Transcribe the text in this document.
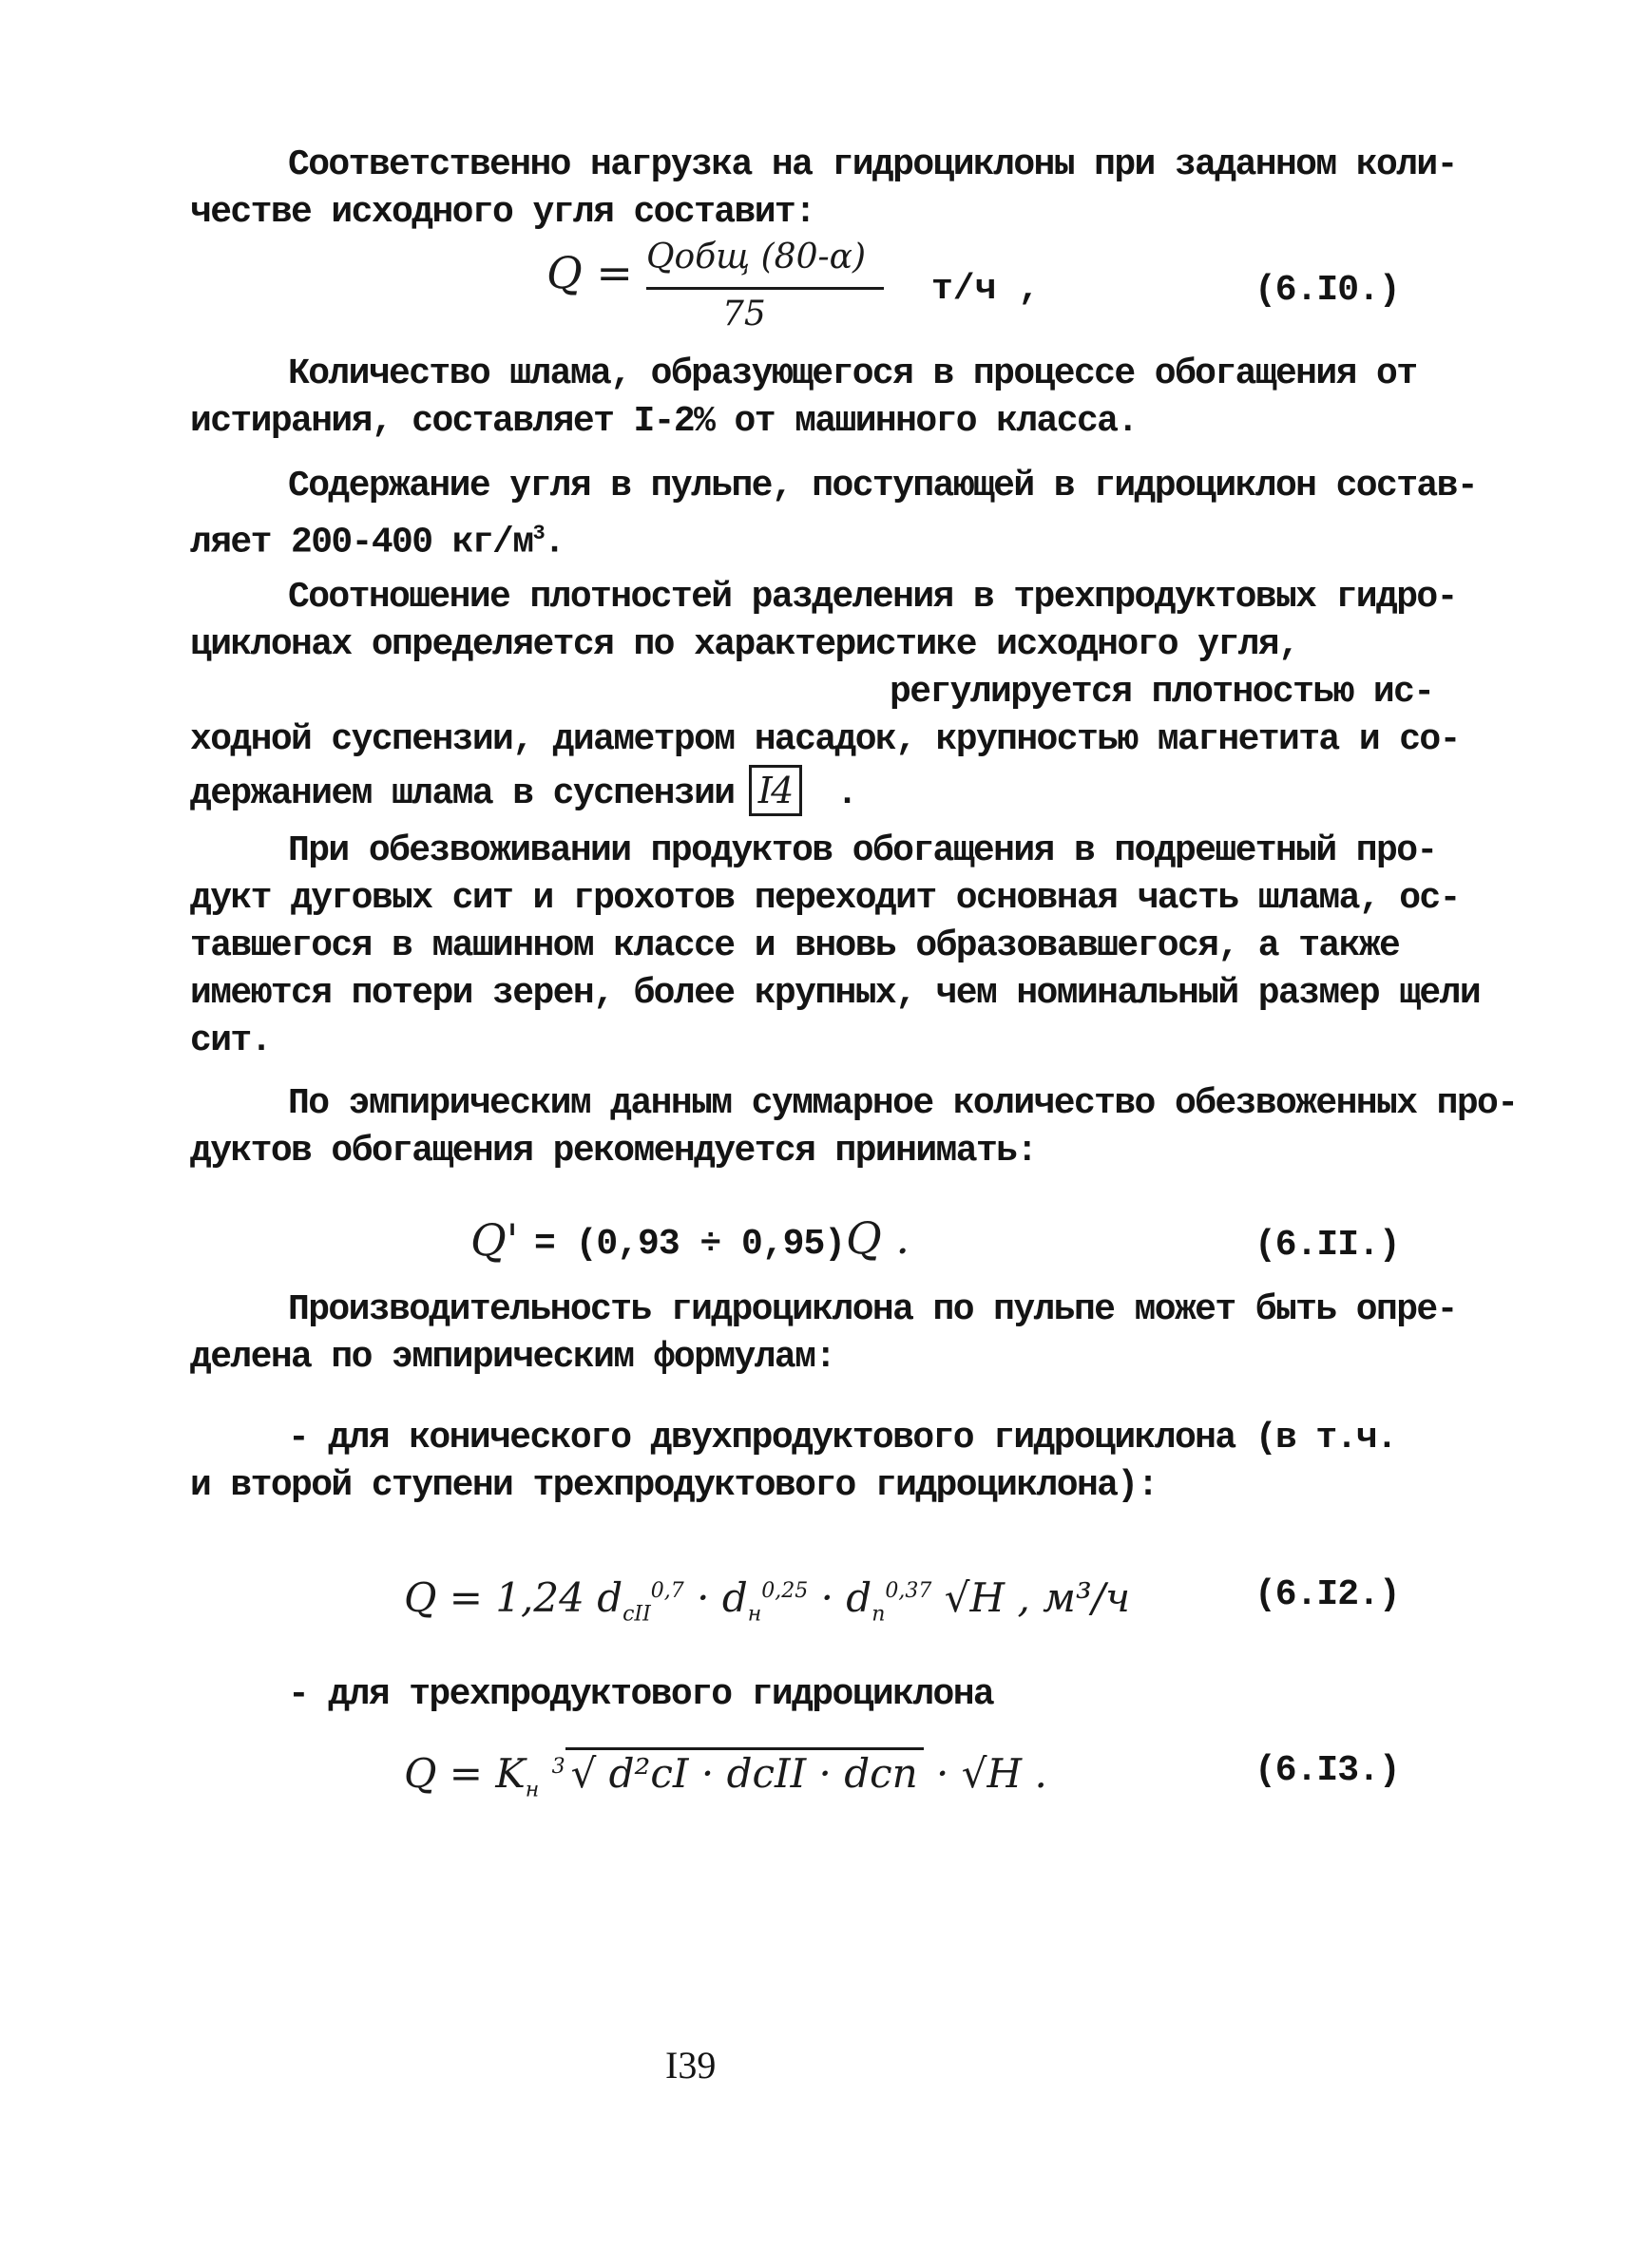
Соответственно нагрузка на гидроциклоны при заданном коли-
честве исходного угля составит:
Q = Qобщ (80-α)
75
т/ч ,	(6.I0.)
Количество шлама, образующегося в процессе обогащения от
истирания, составляет I-2% от машинного класса.
Содержание угля в пульпе, поступающей в гидроциклон состав-
ляет 200-400 $кг/м^3$.
Соотношение плотностей разделения в трехпродуктовых гидро-
циклонах определяется по характеристике исходного угля,
регулируется плотностью ис-
ходной суспензии, диаметром насадок, крупностью магнетита и со-
держанием шлама в суспензии I4 .
При обезвоживании продуктов обогащения в подрешетный про-
дукт дуговых сит и грохотов переходит основная часть шлама, ос-
тавшегося в машинном классе и вновь образовавшегося, а также
имеются потери зерен, более крупных, чем номинальный размер щели
сит.
По эмпирическим данным суммарное количество обезвоженных про-
дуктов обогащения рекомендуется принимать:
Q' = (0,93 ÷ 0,95) Q .	(6.II.)
Производительность гидроциклона по пульпе может быть опре-
делена по эмпирическим формулам:
- для конического двухпродуктового гидроциклона (в т.ч.
и второй ступени трехпродуктового гидроциклона):
Q = 1,24 $d_{cII}^{0,7} \cdot d_н^{0,25} \cdot d_п^{0,37}$ √H , м³/ч	(6.I2.)
- для трехпродуктового гидроциклона
$Q = K_н$ $^3$ √ d²cI · dcII · dcп · √H .	(6.I3.)
I39
